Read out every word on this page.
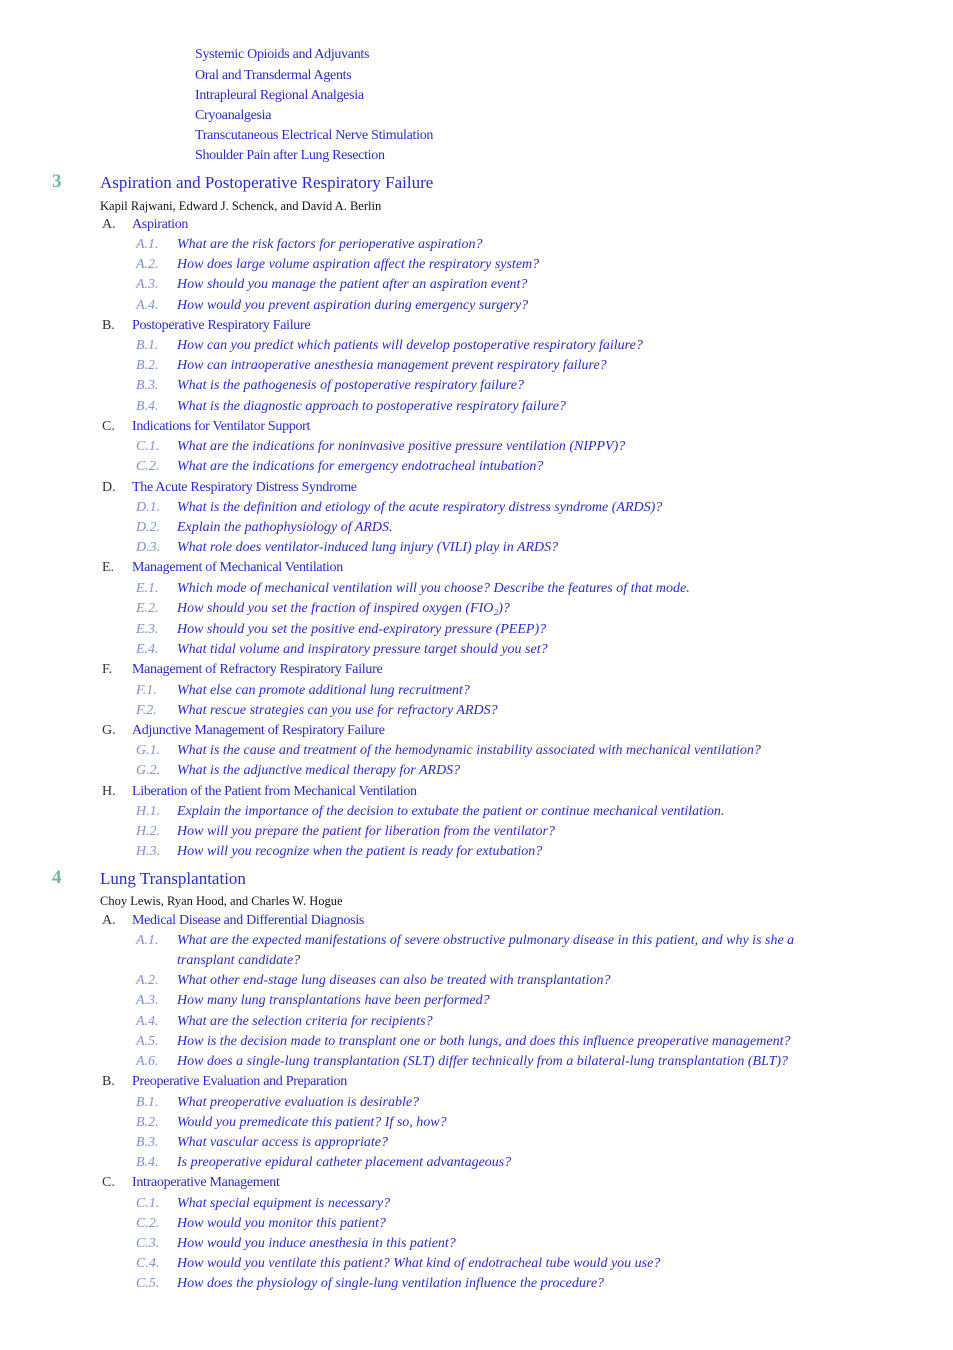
Systemic Opioids and Adjuvants
Oral and Transdermal Agents
Intrapleural Regional Analgesia
Cryoanalgesia
Transcutaneous Electrical Nerve Stimulation
Shoulder Pain after Lung Resection
3 Aspiration and Postoperative Respiratory Failure
Kapil Rajwani, Edward J. Schenck, and David A. Berlin
A. Aspiration
A.1. What are the risk factors for perioperative aspiration?
A.2. How does large volume aspiration affect the respiratory system?
A.3. How should you manage the patient after an aspiration event?
A.4. How would you prevent aspiration during emergency surgery?
B. Postoperative Respiratory Failure
B.1. How can you predict which patients will develop postoperative respiratory failure?
B.2. How can intraoperative anesthesia management prevent respiratory failure?
B.3. What is the pathogenesis of postoperative respiratory failure?
B.4. What is the diagnostic approach to postoperative respiratory failure?
C. Indications for Ventilator Support
C.1. What are the indications for noninvasive positive pressure ventilation (NIPPV)?
C.2. What are the indications for emergency endotracheal intubation?
D. The Acute Respiratory Distress Syndrome
D.1. What is the definition and etiology of the acute respiratory distress syndrome (ARDS)?
D.2. Explain the pathophysiology of ARDS.
D.3. What role does ventilator-induced lung injury (VILI) play in ARDS?
E. Management of Mechanical Ventilation
E.1. Which mode of mechanical ventilation will you choose? Describe the features of that mode.
E.2. How should you set the fraction of inspired oxygen (FIO₂)?
E.3. How should you set the positive end-expiratory pressure (PEEP)?
E.4. What tidal volume and inspiratory pressure target should you set?
F. Management of Refractory Respiratory Failure
F.1. What else can promote additional lung recruitment?
F.2. What rescue strategies can you use for refractory ARDS?
G. Adjunctive Management of Respiratory Failure
G.1. What is the cause and treatment of the hemodynamic instability associated with mechanical ventilation?
G.2. What is the adjunctive medical therapy for ARDS?
H. Liberation of the Patient from Mechanical Ventilation
H.1. Explain the importance of the decision to extubate the patient or continue mechanical ventilation.
H.2. How will you prepare the patient for liberation from the ventilator?
H.3. How will you recognize when the patient is ready for extubation?
4 Lung Transplantation
Choy Lewis, Ryan Hood, and Charles W. Hogue
A. Medical Disease and Differential Diagnosis
A.1. What are the expected manifestations of severe obstructive pulmonary disease in this patient, and why is she a
transplant candidate?
A.2. What other end-stage lung diseases can also be treated with transplantation?
A.3. How many lung transplantations have been performed?
A.4. What are the selection criteria for recipients?
A.5. How is the decision made to transplant one or both lungs, and does this influence preoperative management?
A.6. How does a single-lung transplantation (SLT) differ technically from a bilateral-lung transplantation (BLT)?
B. Preoperative Evaluation and Preparation
B.1. What preoperative evaluation is desirable?
B.2. Would you premedicate this patient? If so, how?
B.3. What vascular access is appropriate?
B.4. Is preoperative epidural catheter placement advantageous?
C. Intraoperative Management
C.1. What special equipment is necessary?
C.2. How would you monitor this patient?
C.3. How would you induce anesthesia in this patient?
C.4. How would you ventilate this patient? What kind of endotracheal tube would you use?
C.5. How does the physiology of single-lung ventilation influence the procedure?
